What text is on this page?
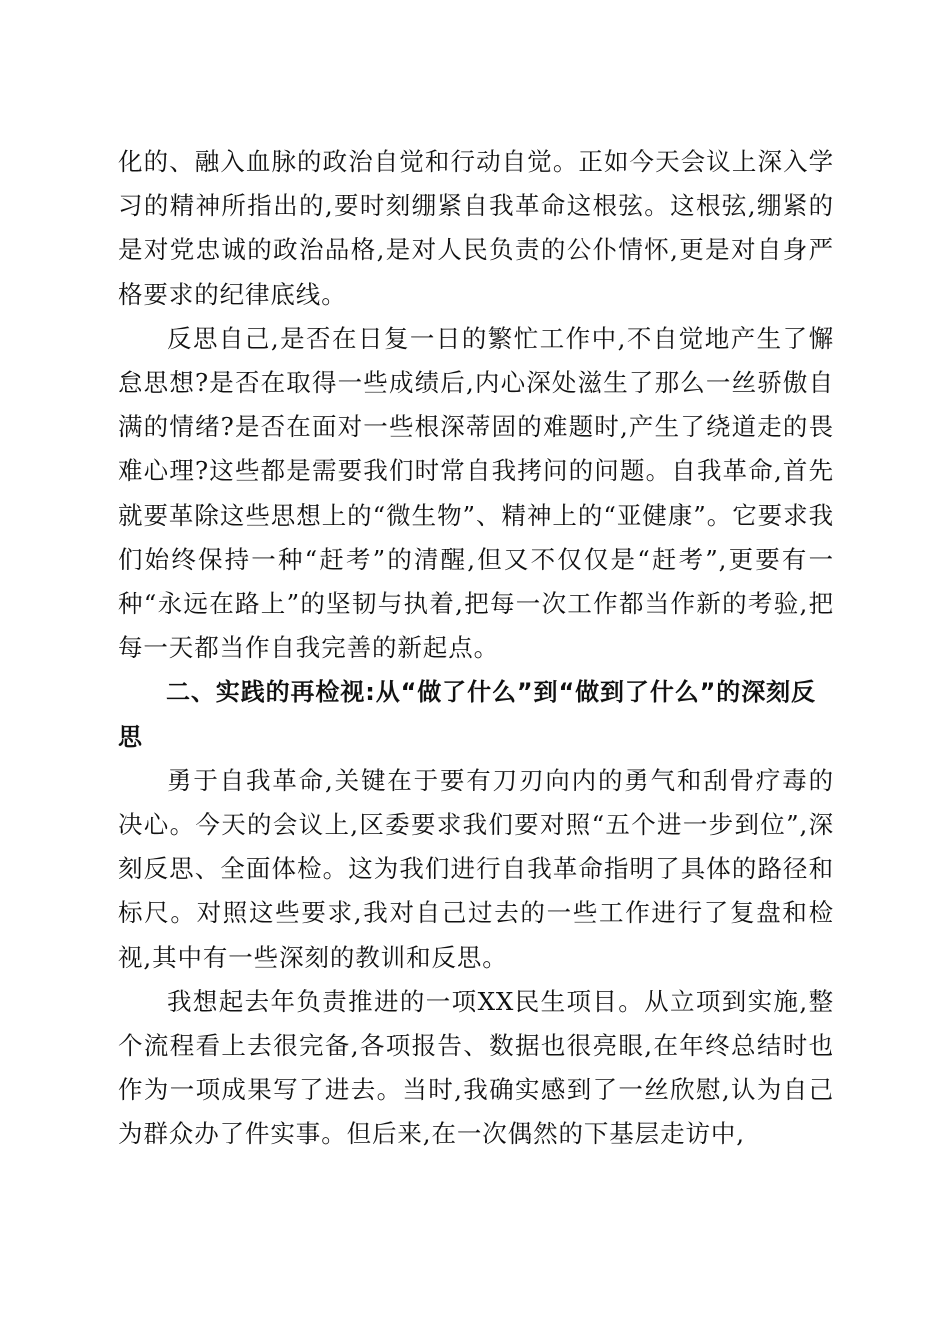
化的、融入血脉的政治自觉和行动自觉。正如今天会议上深入学习的精神所指出的,要时刻绷紧自我革命这根弦。这根弦,绷紧的是对党忠诚的政治品格,是对人民负责的公仆情怀,更是对自身严格要求的纪律底线。

反思自己,是否在日复一日的繁忙工作中,不自觉地产生了懈怠思想?是否在取得一些成绩后,内心深处滋生了那么一丝骄傲自满的情绪?是否在面对一些根深蒂固的难题时,产生了绕道走的畏难心理?这些都是需要我们时常自我拷问的问题。自我革命,首先就要革除这些思想上的“微生物”、精神上的“亚健康”。它要求我们始终保持一种“赶考”的清醒,但又不仅仅是“赶考”,更要有一种“永远在路上”的坚韧与执着,把每一次工作都当作新的考验,把每一天都当作自我完善的新起点。

二、实践的再检视:从“做了什么”到“做到了什么”的深刻反思

勇于自我革命,关键在于要有刀刃向内的勇气和刮骨疗毒的决心。今天的会议上,区委要求我们要对照“五个进一步到位”,深刻反思、全面体检。这为我们进行自我革命指明了具体的路径和标尺。对照这些要求,我对自己过去的一些工作进行了复盘和检视,其中有一些深刻的教训和反思。

我想起去年负责推进的一项XX民生项目。从立项到实施,整个流程看上去很完备,各项报告、数据也很亮眼,在年终总结时也作为一项成果写了进去。当时,我确实感到了一丝欣慰,认为自己为群众办了件实事。但后来,在一次偶然的下基层走访中,
